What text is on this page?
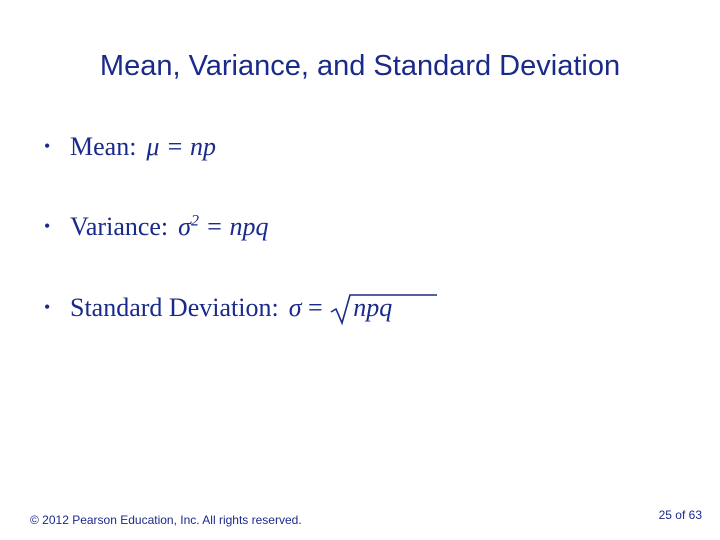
Mean, Variance, and Standard Deviation
• Mean: μ = np
• Variance: $\sigma^2$ = npq
• Standard Deviation: σ =
npq
© 2012 Pearson Education, Inc. All rights reserved.	25 of 63
